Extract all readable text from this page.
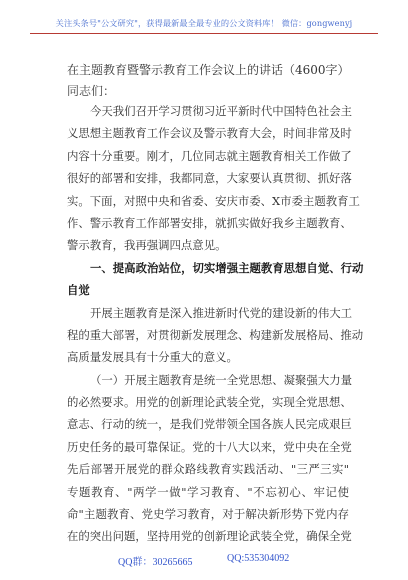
关注头条号"公文研究"，获得最新最全最专业的公文资料库！ 微信：gongwenyj
在主题教育暨警示教育工作会议上的讲话（4600字）
同志们：
今天我们召开学习贯彻习近平新时代中国特色社会主
义思想主题教育工作会议及警示教育大会，时间非常及时
内容十分重要。刚才，几位同志就主题教育相关工作做了
很好的部署和安排，我都同意，大家要认真贯彻、抓好落
实。下面，对照中央和省委、安庆市委、X市委主题教育工
作、警示教育工作部署安排，就抓实做好我乡主题教育、
警示教育，我再强调四点意见。
一、提高政治站位，切实增强主题教育思想自觉、行动
自觉
开展主题教育是深入推进新时代党的建设新的伟大工
程的重大部署，对贯彻新发展理念、构建新发展格局、推动
高质量发展具有十分重大的意义。
（一）开展主题教育是统一全党思想、凝聚强大力量
的必然要求。用党的创新理论武装全党，实现全党思想、
意志、行动的统一，是我们党带领全国各族人民完成艰巨
历史任务的最可靠保证。党的十八大以来，党中央在全党
先后部署开展党的群众路线教育实践活动、"三严三实"
专题教育、"两学一做"学习教育、"不忘初心、牢记使
命"主题教育、党史学习教育，对于解决新形势下党内存
在的突出问题，坚持用党的创新理论武装全党，确保全党
QQ群：30265665	QQ:535304092
